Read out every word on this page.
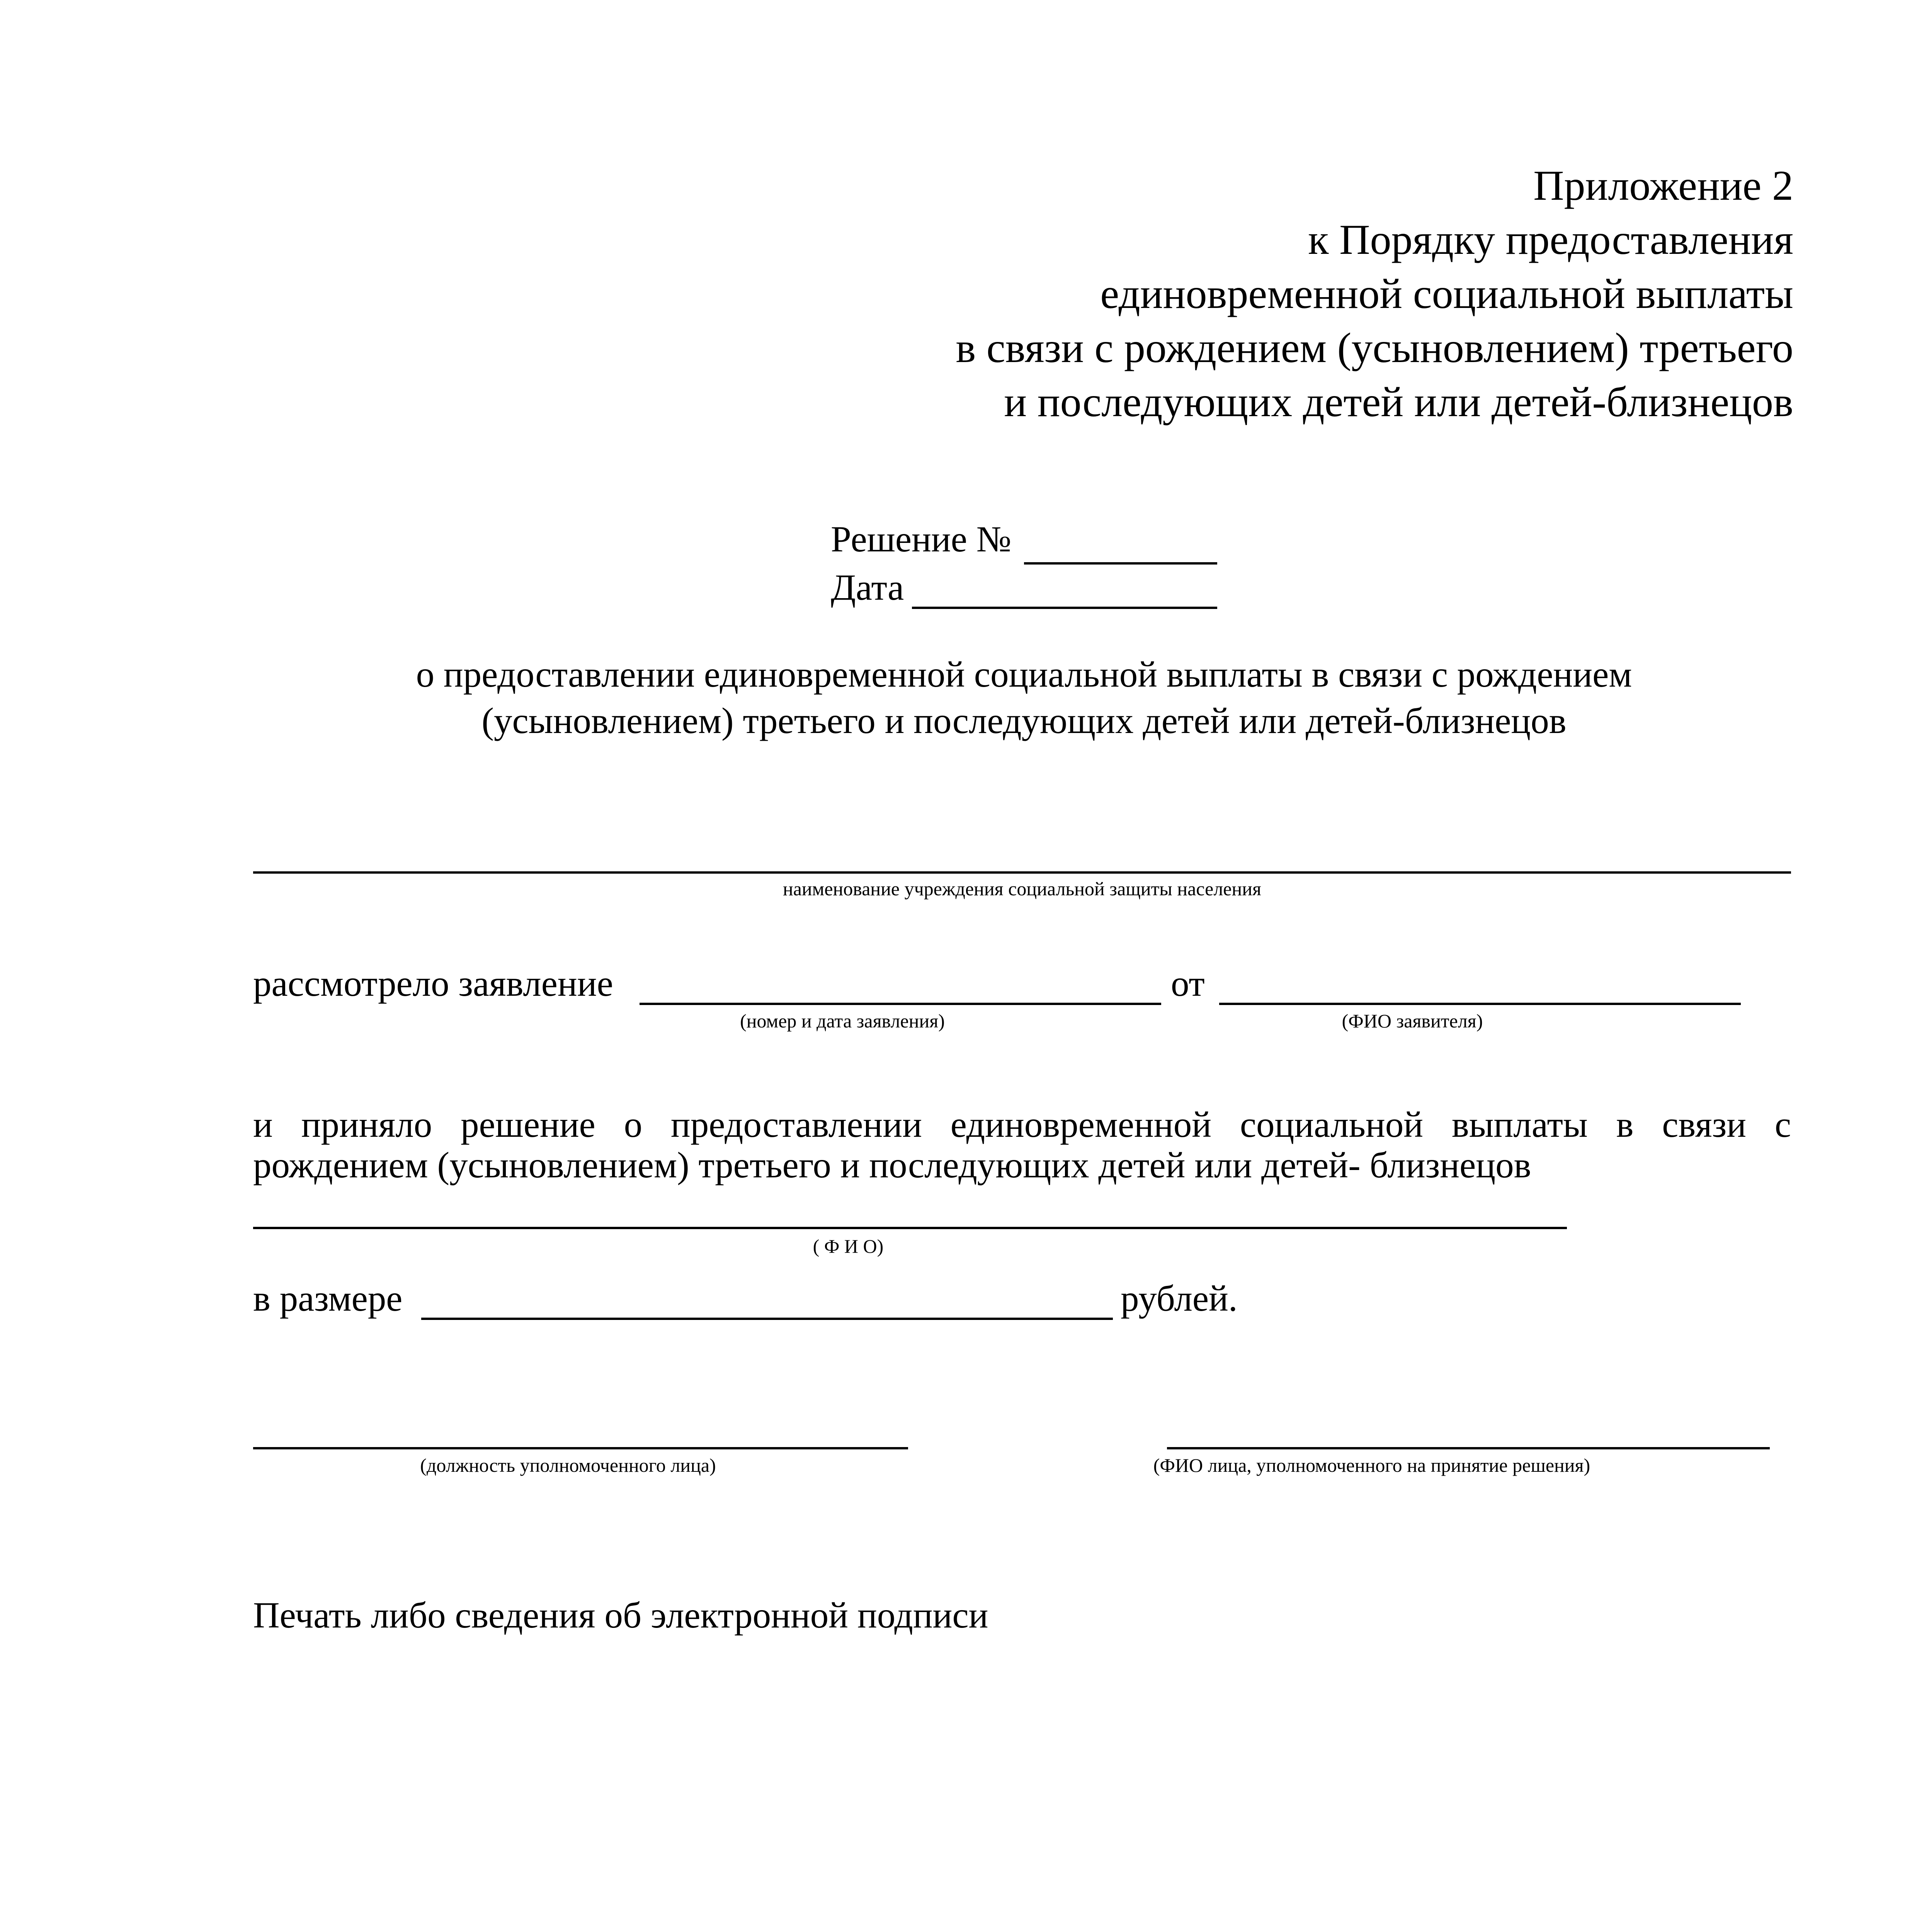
Приложение 2
к Порядку предоставления
единовременной социальной выплаты
в связи с рождением (усыновлением) третьего
и последующих детей или детей-близнецов
Решение №
Дата
о предоставлении единовременной социальной выплаты в связи с рождением
(усыновлением) третьего и последующих детей или детей-близнецов
наименование учреждения социальной защиты населения
рассмотрело заявление	от
(номер и дата заявления)	(ФИО заявителя)
и приняло решение о предоставлении единовременной социальной выплаты в связи с
рождением (усыновлением) третьего и последующих детей или детей- близнецов
( Ф И О)
в размере	рублей.
(должность уполномоченного лица)	(ФИО лица, уполномоченного на принятие решения)
Печать либо сведения об электронной подписи
